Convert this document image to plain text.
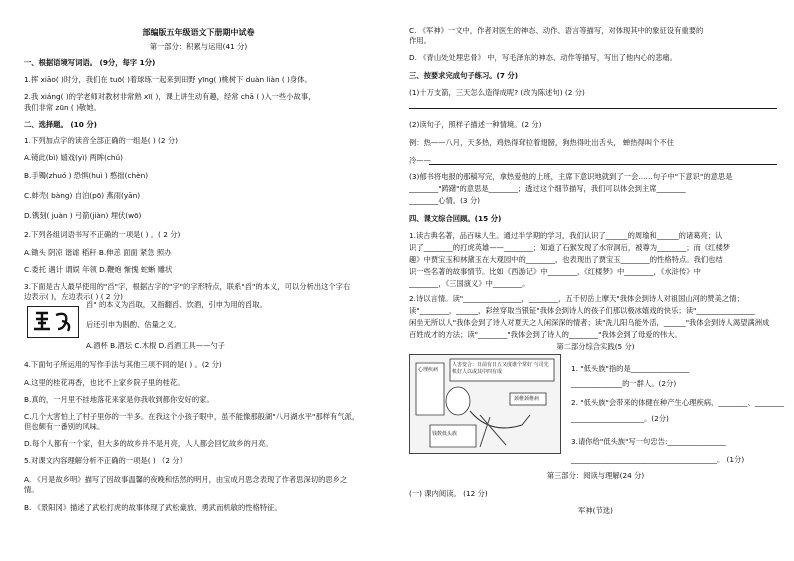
部编版五年级语文下册期中试卷
第一部分：积累与运用(41 分)
一、根据语境写词语。 (9分，每字 1分)
1.挥 xiāo( )时分，我们在 tuō( )着球练一起来到田野 yīng( )桃树下 duàn liàn ( )身体。
2.我 xiáng( )的学老师对教材非常熟 xī( )，课上讲生动有趣，经常 chā ( )入一些小故事，
我们非常 zūn ( )敬她。
二、选择题。 (10 分)
1.下列加点字的读音全部正确的一组是( ) (2 分)
A.镜此(bì) 嬉戏(yì) 两眸(chǔ)
B.手镯(zhuó ) 恐惧(huì ) 憨拙(chèn)
C.蚌壳( bàng) 自泊(pō) 燕雨(yān)
D.镌刻( juàn ) 弓箭(jiàn) 埋伏(wō)
2.下列各组词语书写不正确的一项是( ) 。( 2 分)
A.锄头 阴凉 谐谑 稻秆 B.伸恙 面面 紧急 照办
C.委托 遇计 谓娱 年领 D.鞭炮 惭愧 蛇蜥 雕状
3.下面是古人最早使用的"舀"字，根据古字的"字"的字形特点，联系"舀"的本义，可以分析出这个字右
边表示( )，左边表示( ) ( 2 分)
舀" 的本义为舀取，又指翻舀、饮酒，引申为用的舀取。
后还引申为斟酌、估量之义。
A.酒杯 B.酒坛 C.木棍 D.舀酒工具——勺子
4.下面句子所运用的写作手法与其他三项不同的是( ) 。(2 分)
A.这里的桂花再香，也比不上家乡院子里的桂花。
B.真的，一月里不挂地落花来家是你我收到都你安好的家。
C.几个大害怕上了村子里你的一半多。在我这个小孩子眼中，虽不能像那般湖"八月湖水平"那样有气派，
但也颇有一番别的风味。
D.每个人都有一个家，但大多的故乡并不是月亮，人人都会回忆故乡的月亮。
5.对课文内容理解分析不正确的一项是( ) （2 分）
A. 《月是故乡明》描写了因故事温馨的夜晚和恬然的明月，由宝成月思念表现了作者思深切的思乡之
情。
B. 《景阳冈》描述了武松打虎的故事体现了武松豪放、勇武而机敏的性格特征。
C. 《军神》一文中，作者对医生的神态、动作、语言等描写，对体现其中的象征设有重要的
作用。
D. 《青山处处埋忠骨》 中，写毛泽东的神态、动作等描写，写出了他内心的悲痛。
三、按要求完成句子练习。(7 分)
(1)十万支箭，三天怎么造得成呢? (改为陈述句) (2 分)
(2)读句子，照样子描述一种情境。(2 分)
例：热——八月，天多热，鸡热得耷拉着翅膀，狗热得吐出舌头， 蝉热得叫个不住
冷——
(3)郁书将电报的那稿写完，拿热爱他的上班，主席下意识地就到了一会……句子中"下意识"的意思是
________"踌躇"的意思是________；透过这个细节描写，我们可以体会到主席________
________心情。(3 分)
四、课文综合回顾。(15 分)
1.读古典名著，品百味人生。通过半学期的学习，我们认识了______的周瑜和______的诸葛亮；认
识了________的打虎英雄——________；知道了石猴发现了水帘洞后，被尊为________；而《红楼梦
趣》中贾宝玉和林黛玉在大观园中的________，也表现出了贾宝玉________的性格特点。我们也结
识一些名著的故事情节。比如《西游记》中________，《红楼梦》中________，《水浒传》中
________，《三国演义》中________。
2.诗以言情。读"________________，________，五千仞岳上摩天"我体会到诗人对祖国山河的赞美之情；
读"________，______，彩丝穿取当银钲"我体会到诗人的孩子们那以极冰嬉戏的快乐；读"________________
闲坐无所以人"我体会到了诗人对夏天之人闲深深的情者；读"洗儿阳乌能外活，______"我体会到诗人渴望满洲成
百姓成才的方法；读"________"我体会到了诗人的________"我体会到了母爱的伟大。
第二部分综合实践(5 分)
人害变合：日前有日五又度谁个常好 与司先机好人以或其中四有成
心理疾病
颈椎颈椎病
钱数低头族
1. "低头族"指的是________________
______________的一群人。(2分)
2. "低头族"会带来的体健在种产生心理疾病、________、________
____________________。(2分)
3.请你给"低头族"写一句忠告:________________
________________________________________。 (1分)
第三部分：阅读与理解(24 分)
(一) 课内阅读。 (12 分)
军神(节选)
